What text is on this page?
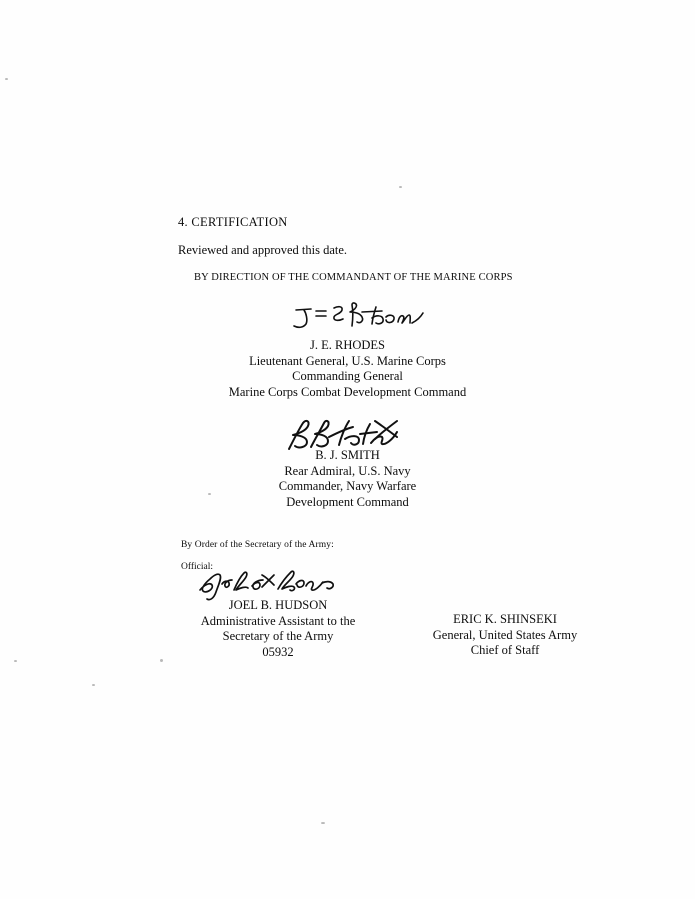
4. CERTIFICATION
Reviewed and approved this date.
BY DIRECTION OF THE COMMANDANT OF THE MARINE CORPS
J. E. RHODES
Lieutenant General, U.S. Marine Corps
Commanding General
Marine Corps Combat Development Command
B. J. SMITH
Rear Admiral, U.S. Navy
Commander, Navy Warfare
Development Command
By Order of the Secretary of the Army:
Official:
JOEL B. HUDSON
Administrative Assistant to the
Secretary of the Army
05932
ERIC K. SHINSEKI
General, United States Army
Chief of Staff
